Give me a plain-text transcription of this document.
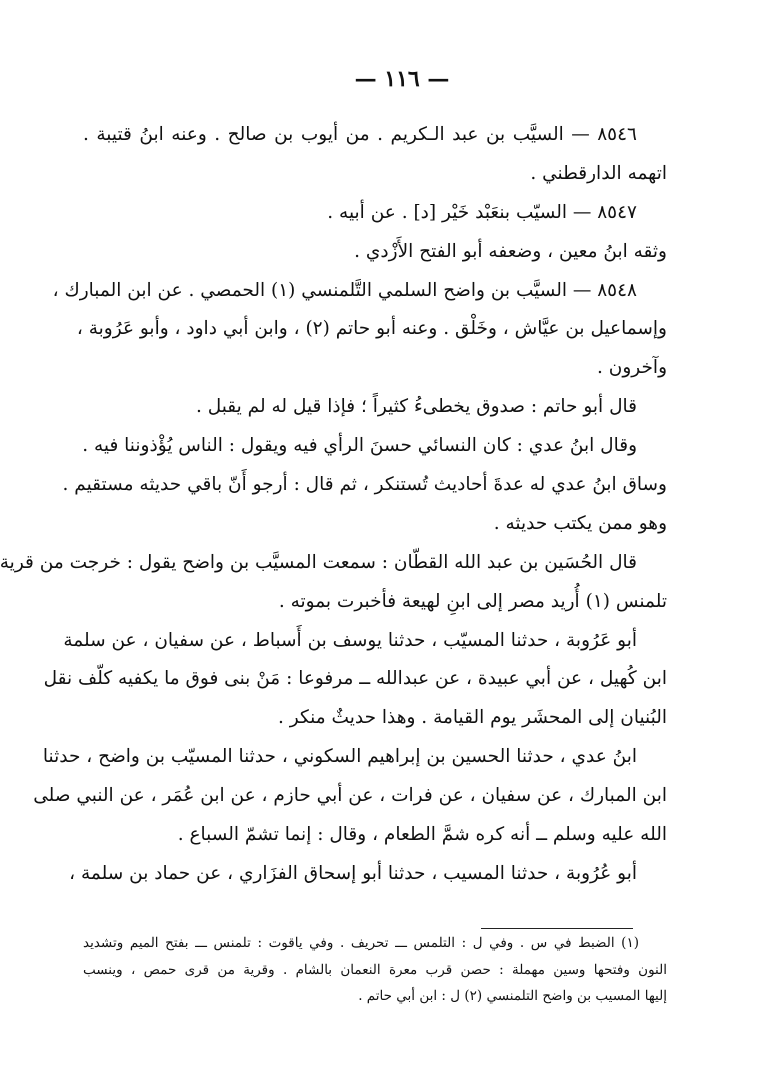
— ١١٦ —
٨٥٤٦ — السيَّب بن عبد الـكريم . من أيوب بن صالح . وعنه ابنُ قتيبة .
اتهمه الدارقطني .
٨٥٤٧ — السيّب بنعَبْد خَيْر [د] . عن أبيه .
وثقه ابنُ معين ، وضعفه أبو الفتح الأَزْدي .
٨٥٤٨ — السيَّب بن واضح السلمي التَّلمنسي (١) الحمصي . عن ابن المبارك ،
وإسماعيل بن عيَّاش ، وخَلْق . وعنه أبو حاتم (٢) ، وابن أبي داود ، وأبو عَرُوبة ،
وآخرون .
قال أبو حاتم : صدوق يخطىءُ كثيراً ؛ فإذا قيل له لم يقبل .
وقال ابنُ عدي : كان النسائي حسنَ الرأي فيه ويقول : الناس يُؤْذوننا فيه .
وساق ابنُ عدي له عدةَ أحاديث تُستنكر ، ثم قال : أرجو أَنّ باقي حديثه مستقيم .
وهو ممن يكتب حديثه .
قال الحُسَين بن عبد الله القطّان : سمعت المسيَّب بن واضح يقول : خرجت من قرية
تلمنس (١) أُريد مصر إلى ابنِ لهيعة فأخبرت بموته .
أبو عَرُوبة ، حدثنا المسيّب ، حدثنا يوسف بن أَسباط ، عن سفيان ، عن سلمة
ابن كُهيل ، عن أبي عبيدة ، عن عبدالله ــ مرفوعا : مَنْ بنى فوق ما يكفيه كلّف نقل
البُنيان إلى المحشَر يوم القيامة . وهذا حديثٌ منكر .
ابنُ عدي ، حدثنا الحسين بن إبراهيم السكوني ، حدثنا المسيّب بن واضح ، حدثنا
ابن المبارك ، عن سفيان ، عن فرات ، عن أبي حازم ، عن ابن عُمَر ، عن النبي صلى
الله عليه وسلم ــ أنه كره شمَّ الطعام ، وقال : إنما تشمّ السباع .
أبو عُرُوبة ، حدثنا المسيب ، حدثنا أبو إسحاق الفزَاري ، عن حماد بن سلمة ،
(١) الضبط في س . وفي ل : التلمس ـــ تحريف . وفي ياقوت : تلمنس ـــ بفتح الميم وتشديد
النون وفتحها وسين مهملة : حصن قرب معرة النعمان بالشام . وقرية من قرى حمص ، وينسب
إليها المسيب بن واضح التلمنسي (٢) ل : ابن أبي حاتم .
